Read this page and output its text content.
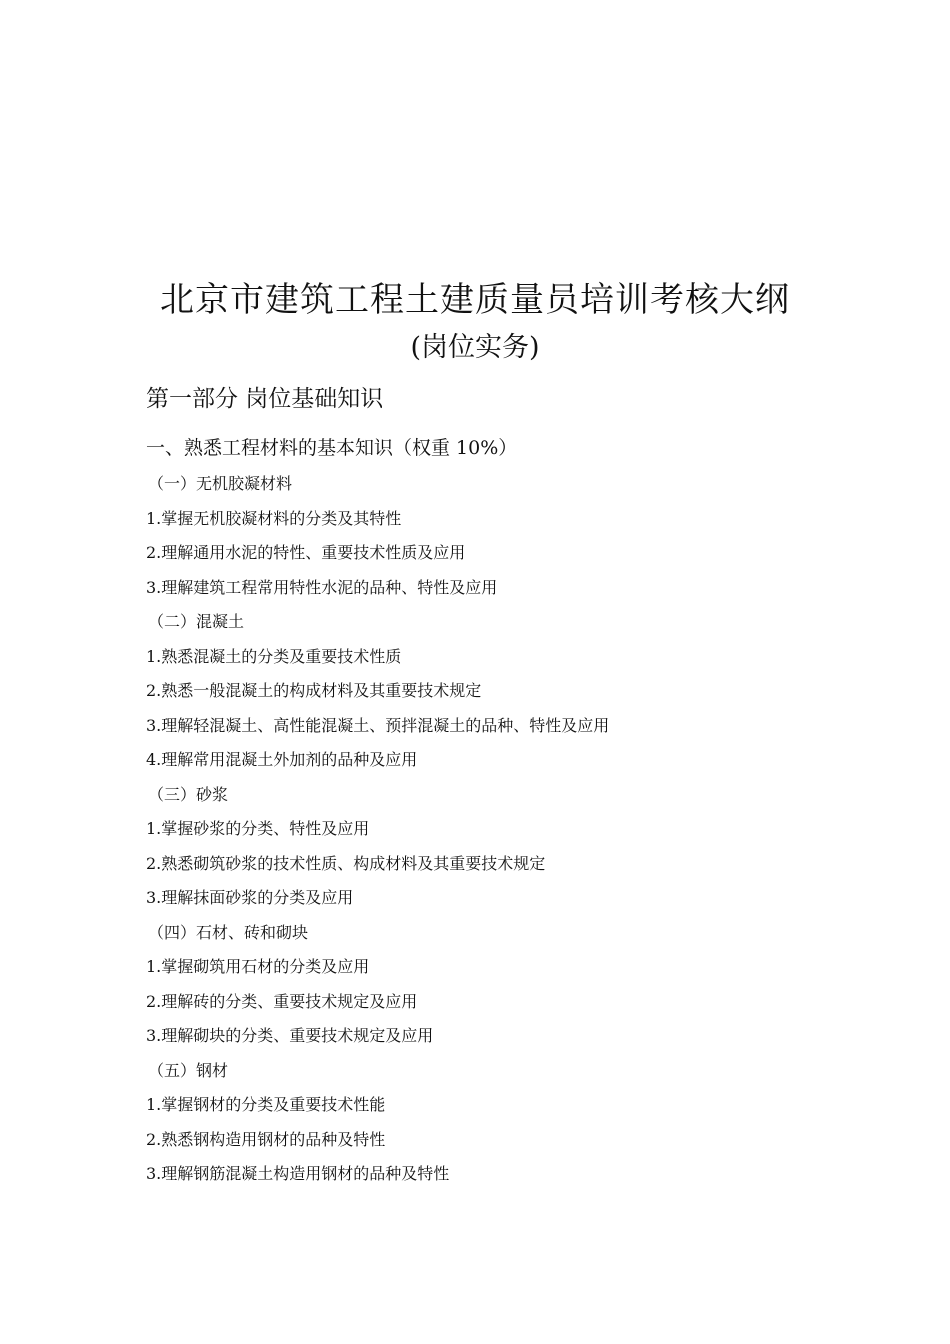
北京市建筑工程土建质量员培训考核大纲
(岗位实务)
第一部分 岗位基础知识
一、熟悉工程材料的基本知识（权重 10%）
（一）无机胶凝材料
1.掌握无机胶凝材料的分类及其特性
2.理解通用水泥的特性、重要技术性质及应用
3.理解建筑工程常用特性水泥的品种、特性及应用
（二）混凝土
1.熟悉混凝土的分类及重要技术性质
2.熟悉一般混凝土的构成材料及其重要技术规定
3.理解轻混凝土、高性能混凝土、预拌混凝土的品种、特性及应用
4.理解常用混凝土外加剂的品种及应用
（三）砂浆
1.掌握砂浆的分类、特性及应用
2.熟悉砌筑砂浆的技术性质、构成材料及其重要技术规定
3.理解抹面砂浆的分类及应用
（四）石材、砖和砌块
1.掌握砌筑用石材的分类及应用
2.理解砖的分类、重要技术规定及应用
3.理解砌块的分类、重要技术规定及应用
（五）钢材
1.掌握钢材的分类及重要技术性能
2.熟悉钢构造用钢材的品种及特性
3.理解钢筋混凝土构造用钢材的品种及特性
